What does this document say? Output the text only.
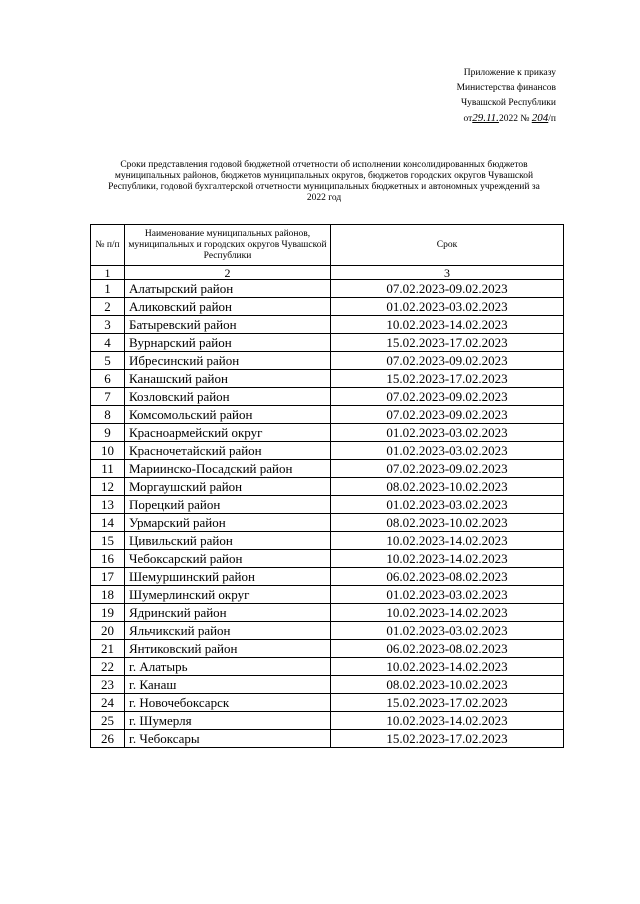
Приложение к приказу
Министерства финансов
Чувашской Республики
от29.11.2022 № 204/п
Сроки представления годовой бюджетной отчетности об исполнении консолидированных бюджетов муниципальных районов, бюджетов муниципальных округов, бюджетов городских округов Чувашской Республики, годовой бухгалтерской отчетности муниципальных бюджетных и автономных учреждений за 2022 год
№ п/п	Наименование муниципальных районов, муниципальных и городских округов Чувашской Республики	Срок
1	2	3
1	Алатырский район	07.02.2023-09.02.2023
2	Аликовский район	01.02.2023-03.02.2023
3	Батыревский район	10.02.2023-14.02.2023
4	Вурнарский район	15.02.2023-17.02.2023
5	Ибресинский район	07.02.2023-09.02.2023
6	Канашский район	15.02.2023-17.02.2023
7	Козловский район	07.02.2023-09.02.2023
8	Комсомольский район	07.02.2023-09.02.2023
9	Красноармейский округ	01.02.2023-03.02.2023
10	Красночетайский район	01.02.2023-03.02.2023
11	Мариинско-Посадский район	07.02.2023-09.02.2023
12	Моргаушский район	08.02.2023-10.02.2023
13	Порецкий район	01.02.2023-03.02.2023
14	Урмарский район	08.02.2023-10.02.2023
15	Цивильский район	10.02.2023-14.02.2023
16	Чебоксарский район	10.02.2023-14.02.2023
17	Шемуршинский район	06.02.2023-08.02.2023
18	Шумерлинский округ	01.02.2023-03.02.2023
19	Ядринский район	10.02.2023-14.02.2023
20	Яльчикский район	01.02.2023-03.02.2023
21	Янтиковский район	06.02.2023-08.02.2023
22	г. Алатырь	10.02.2023-14.02.2023
23	г. Канаш	08.02.2023-10.02.2023
24	г. Новочебоксарск	15.02.2023-17.02.2023
25	г. Шумерля	10.02.2023-14.02.2023
26	г. Чебоксары	15.02.2023-17.02.2023
